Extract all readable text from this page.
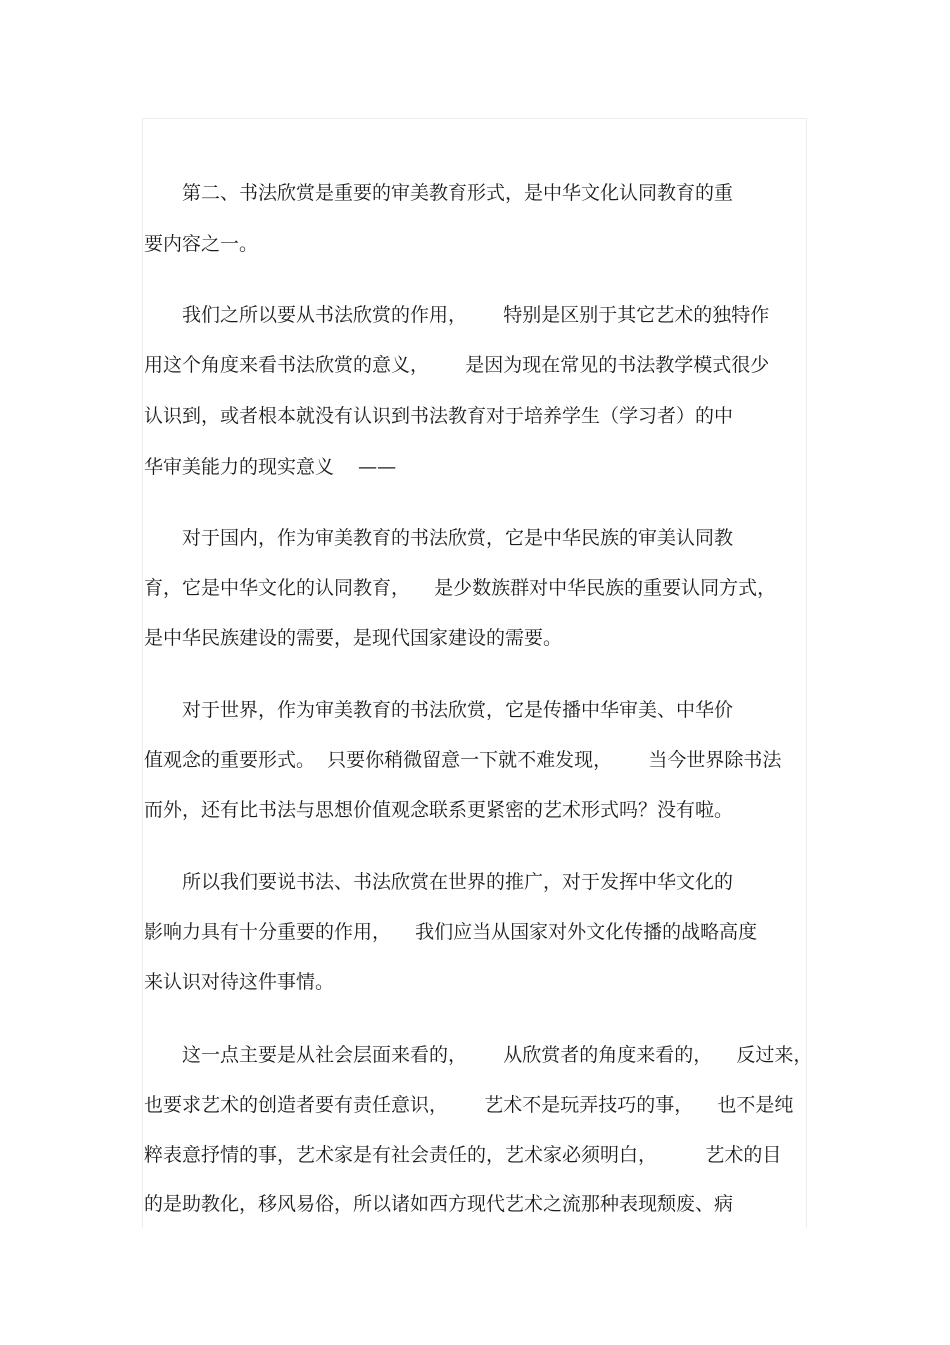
第二、书法欣赏是重要的审美教育形式，是中华文化认同教育的重
要内容之一。
我们之所以要从书法欣赏的作用，      特别是区别于其它艺术的独特作
用这个角度来看书法欣赏的意义，      是因为现在常见的书法教学模式很少
认识到，或者根本就没有认识到书法教育对于培养学生（学习者）的中
华审美能力的现实意义    ——
对于国内，作为审美教育的书法欣赏，它是中华民族的审美认同教
育，它是中华文化的认同教育，    是少数族群对中华民族的重要认同方式，
是中华民族建设的需要，是现代国家建设的需要。
对于世界，作为审美教育的书法欣赏，它是传播中华审美、中华价
值观念的重要形式。  只要你稍微留意一下就不难发现，      当今世界除书法
而外，还有比书法与思想价值观念联系更紧密的艺术形式吗？没有啦。
所以我们要说书法、书法欣赏在世界的推广，对于发挥中华文化的
影响力具有十分重要的作用，    我们应当从国家对外文化传播的战略高度
来认识对待这件事情。
这一点主要是从社会层面来看的，      从欣赏者的角度来看的，    反过来，
也要求艺术的创造者要有责任意识，      艺术不是玩弄技巧的事，    也不是纯
粹表意抒情的事，艺术家是有社会责任的，艺术家必须明白，        艺术的目
的是助教化，移风易俗，所以诸如西方现代艺术之流那种表现颓废、病
